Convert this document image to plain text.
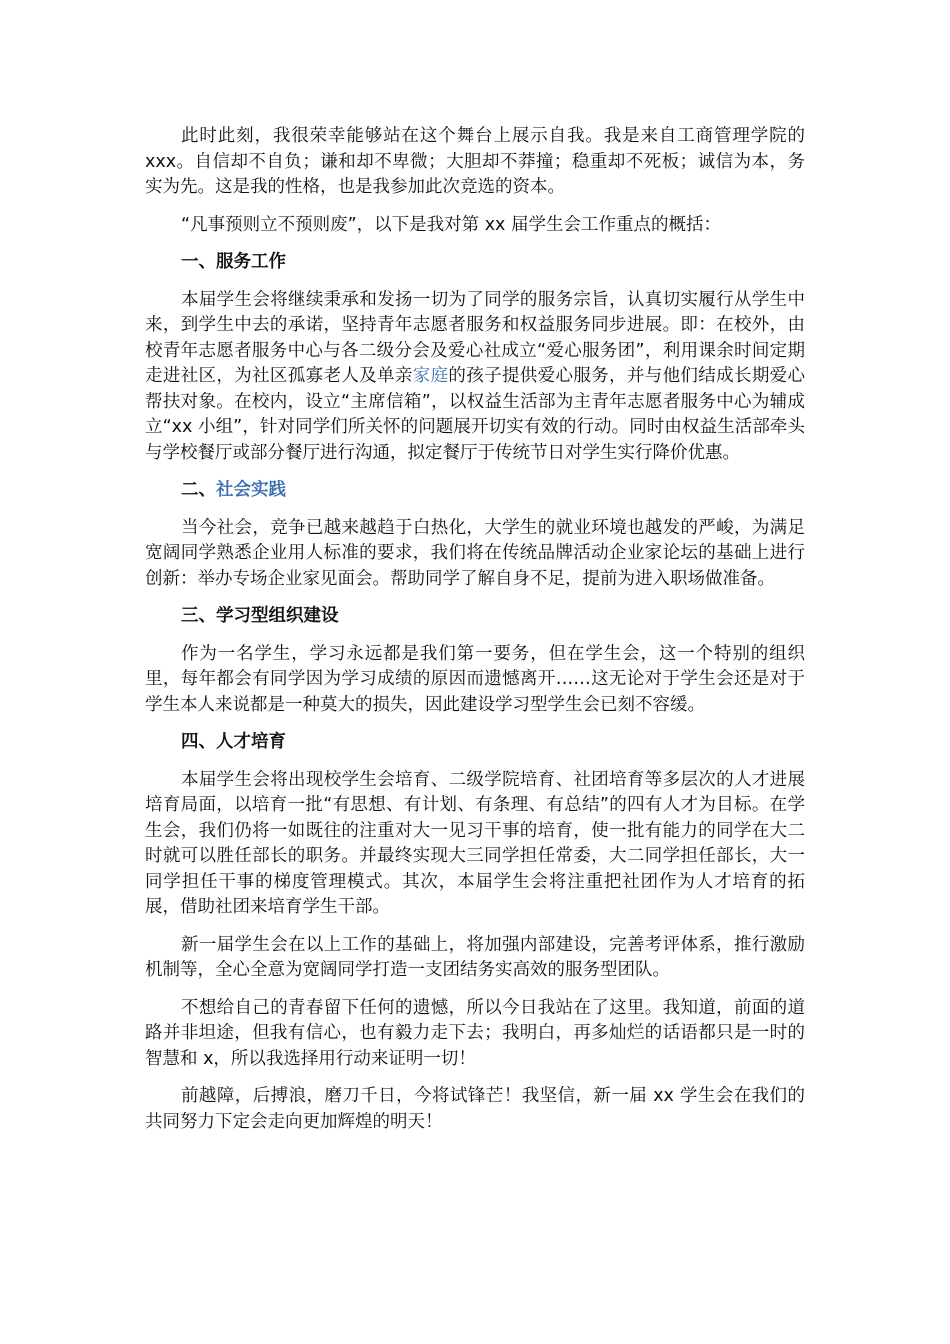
此时此刻，我很荣幸能够站在这个舞台上展示自我。我是来自工商管理学院的 xxx。自信却不自负；谦和却不卑微；大胆却不莽撞；稳重却不死板；诚信为本，务实为先。这是我的性格，也是我参加此次竞选的资本。

“凡事预则立不预则废”，以下是我对第 xx 届学生会工作重点的概括：

一、服务工作

本届学生会将继续秉承和发扬一切为了同学的服务宗旨，认真切实履行从学生中来，到学生中去的承诺，坚持青年志愿者服务和权益服务同步进展。即：在校外，由校青年志愿者服务中心与各二级分会及爱心社成立“爱心服务团”，利用课余时间定期走进社区，为社区孤寡老人及单亲家庭的孩子提供爱心服务，并与他们结成长期爱心帮扶对象。在校内，设立“主席信箱”，以权益生活部为主青年志愿者服务中心为辅成立“xx 小组”，针对同学们所关怀的问题展开切实有效的行动。同时由权益生活部牵头与学校餐厅或部分餐厅进行沟通，拟定餐厅于传统节日对学生实行降价优惠。

二、社会实践

当今社会，竞争已越来越趋于白热化，大学生的就业环境也越发的严峻，为满足宽阔同学熟悉企业用人标准的要求，我们将在传统品牌活动企业家论坛的基础上进行创新：举办专场企业家见面会。帮助同学了解自身不足，提前为进入职场做准备。

三、学习型组织建设

作为一名学生，学习永远都是我们第一要务，但在学生会，这一个特别的组织里，每年都会有同学因为学习成绩的原因而遗憾离开……这无论对于学生会还是对于学生本人来说都是一种莫大的损失，因此建设学习型学生会已刻不容缓。

四、人才培育

本届学生会将出现校学生会培育、二级学院培育、社团培育等多层次的人才进展培育局面，以培育一批“有思想、有计划、有条理、有总结”的四有人才为目标。在学生会，我们仍将一如既往的注重对大一见习干事的培育，使一批有能力的同学在大二时就可以胜任部长的职务。并最终实现大三同学担任常委，大二同学担任部长，大一同学担任干事的梯度管理模式。其次，本届学生会将注重把社团作为人才培育的拓展，借助社团来培育学生干部。

新一届学生会在以上工作的基础上，将加强内部建设，完善考评体系，推行激励机制等，全心全意为宽阔同学打造一支团结务实高效的服务型团队。

不想给自己的青春留下任何的遗憾，所以今日我站在了这里。我知道，前面的道路并非坦途，但我有信心，也有毅力走下去；我明白，再多灿烂的话语都只是一时的智慧和 x，所以我选择用行动来证明一切！

前越障，后搏浪，磨刀千日，今将试锋芒！我坚信，新一届 xx 学生会在我们的共同努力下定会走向更加辉煌的明天！
